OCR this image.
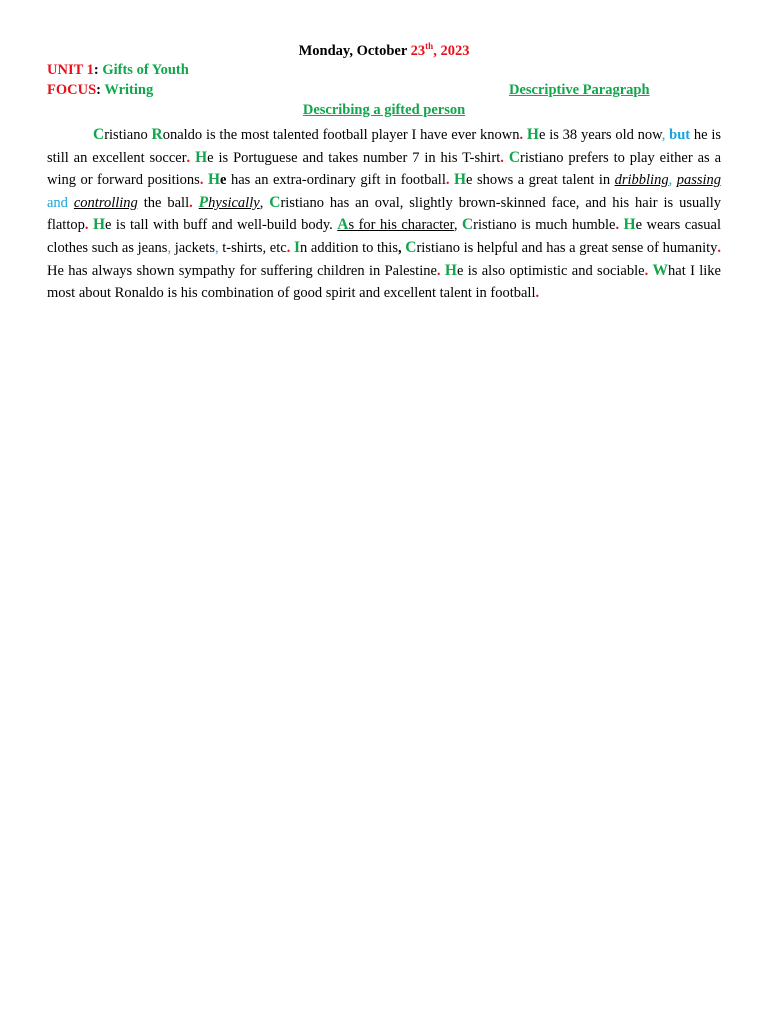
Monday, October 23th, 2023
UNIT 1: Gifts of Youth
FOCUS: Writing	Descriptive Paragraph
Describing a gifted person

Cristiano Ronaldo is the most talented football player I have ever known. He is 38 years old now, but he is still an excellent soccer. He is Portuguese and takes number 7 in his T-shirt. Cristiano prefers to play either as a wing or forward positions. He has an extra-ordinary gift in football. He shows a great talent in dribbling, passing and controlling the ball. Physically, Cristiano has an oval, slightly brown-skinned face, and his hair is usually flattop. He is tall with buff and well-build body. As for his character, Cristiano is much humble. He wears casual clothes such as jeans, jackets, t-shirts, etc. In addition to this, Cristiano is helpful and has a great sense of humanity. He has always shown sympathy for suffering children in Palestine. He is also optimistic and sociable. What I like most about Ronaldo is his combination of good spirit and excellent talent in football.
